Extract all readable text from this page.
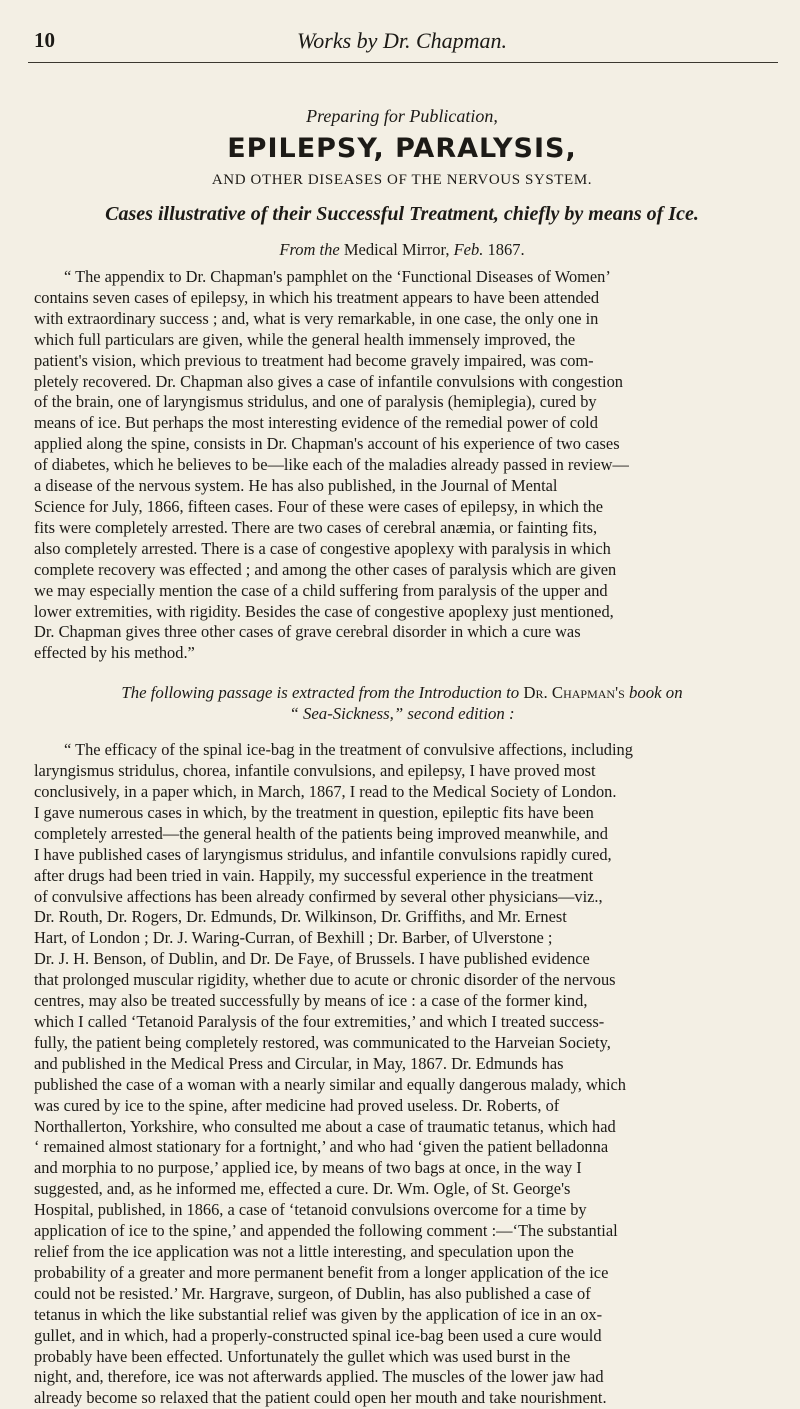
10	Works by Dr. Chapman.
Preparing for Publication,
EPILEPSY, PARALYSIS,
AND OTHER DISEASES OF THE NERVOUS SYSTEM.
Cases illustrative of their Successful Treatment, chiefly by means of Ice.
From the Medical Mirror, Feb. 1867.
“ The appendix to Dr. Chapman's pamphlet on the ‘Functional Diseases of Women’
contains seven cases of epilepsy, in which his treatment appears to have been attended
with extraordinary success ; and, what is very remarkable, in one case, the only one in
which full particulars are given, while the general health immensely improved, the
patient's vision, which previous to treatment had become gravely impaired, was com-
pletely recovered. Dr. Chapman also gives a case of infantile convulsions with congestion
of the brain, one of laryngismus stridulus, and one of paralysis (hemiplegia), cured by
means of ice. But perhaps the most interesting evidence of the remedial power of cold
applied along the spine, consists in Dr. Chapman's account of his experience of two cases
of diabetes, which he believes to be—like each of the maladies already passed in review—
a disease of the nervous system. He has also published, in the Journal of Mental
Science for July, 1866, fifteen cases. Four of these were cases of epilepsy, in which the
fits were completely arrested. There are two cases of cerebral anæmia, or fainting fits,
also completely arrested. There is a case of congestive apoplexy with paralysis in which
complete recovery was effected ; and among the other cases of paralysis which are given
we may especially mention the case of a child suffering from paralysis of the upper and
lower extremities, with rigidity. Besides the case of congestive apoplexy just mentioned,
Dr. Chapman gives three other cases of grave cerebral disorder in which a cure was
effected by his method.”
The following passage is extracted from the Introduction to Dr. Chapman's book on
“ Sea-Sickness,” second edition :
“ The efficacy of the spinal ice-bag in the treatment of convulsive affections, including
laryngismus stridulus, chorea, infantile convulsions, and epilepsy, I have proved most
conclusively, in a paper which, in March, 1867, I read to the Medical Society of London.
I gave numerous cases in which, by the treatment in question, epileptic fits have been
completely arrested—the general health of the patients being improved meanwhile, and
I have published cases of laryngismus stridulus, and infantile convulsions rapidly cured,
after drugs had been tried in vain. Happily, my successful experience in the treatment
of convulsive affections has been already confirmed by several other physicians—viz.,
Dr. Routh, Dr. Rogers, Dr. Edmunds, Dr. Wilkinson, Dr. Griffiths, and Mr. Ernest
Hart, of London ; Dr. J. Waring-Curran, of Bexhill ; Dr. Barber, of Ulverstone ;
Dr. J. H. Benson, of Dublin, and Dr. De Faye, of Brussels. I have published evidence
that prolonged muscular rigidity, whether due to acute or chronic disorder of the nervous
centres, may also be treated successfully by means of ice : a case of the former kind,
which I called ‘Tetanoid Paralysis of the four extremities,’ and which I treated success-
fully, the patient being completely restored, was communicated to the Harveian Society,
and published in the Medical Press and Circular, in May, 1867. Dr. Edmunds has
published the case of a woman with a nearly similar and equally dangerous malady, which
was cured by ice to the spine, after medicine had proved useless. Dr. Roberts, of
Northallerton, Yorkshire, who consulted me about a case of traumatic tetanus, which had
‘ remained almost stationary for a fortnight,’ and who had ‘given the patient belladonna
and morphia to no purpose,’ applied ice, by means of two bags at once, in the way I
suggested, and, as he informed me, effected a cure. Dr. Wm. Ogle, of St. George's
Hospital, published, in 1866, a case of ‘tetanoid convulsions overcome for a time by
application of ice to the spine,’ and appended the following comment :—‘The substantial
relief from the ice application was not a little interesting, and speculation upon the
probability of a greater and more permanent benefit from a longer application of the ice
could not be resisted.’ Mr. Hargrave, surgeon, of Dublin, has also published a case of
tetanus in which the like substantial relief was given by the application of ice in an ox-
gullet, and in which, had a properly-constructed spinal ice-bag been used a cure would
probably have been effected. Unfortunately the gullet which was used burst in the
night, and, therefore, ice was not afterwards applied. The muscles of the lower jaw had
already become so relaxed that the patient could open her mouth and take nourishment.
